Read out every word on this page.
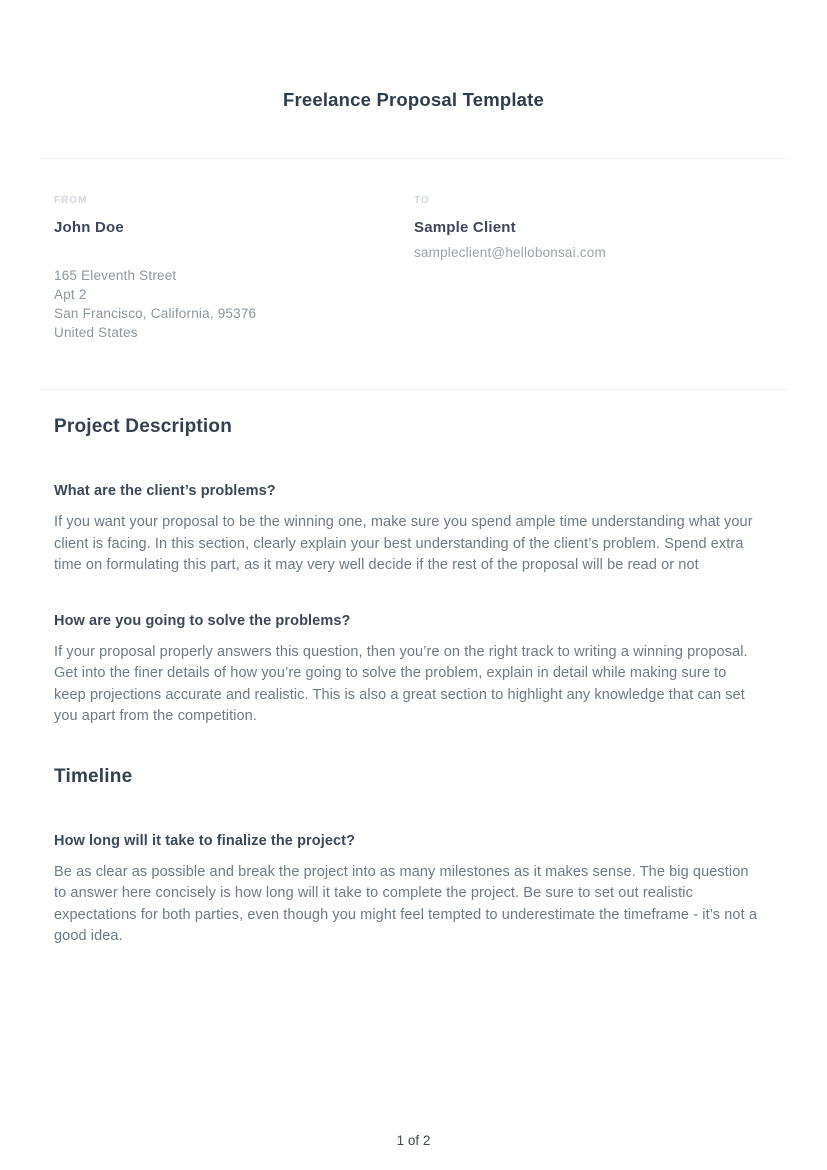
Freelance Proposal Template
FROM
John Doe
165 Eleventh Street
Apt 2
San Francisco, California, 95376
United States
TO
Sample Client
sampleclient@hellobonsai.com
Project Description
What are the client’s problems?
If you want your proposal to be the winning one, make sure you spend ample time understanding what your client is facing. In this section, clearly explain your best understanding of the client’s problem. Spend extra time on formulating this part, as it may very well decide if the rest of the proposal will be read or not
How are you going to solve the problems?
If your proposal properly answers this question, then you’re on the right track to writing a winning proposal. Get into the finer details of how you’re going to solve the problem, explain in detail while making sure to keep projections accurate and realistic. This is also a great section to highlight any knowledge that can set you apart from the competition.
Timeline
How long will it take to finalize the project?
Be as clear as possible and break the project into as many milestones as it makes sense. The big question to answer here concisely is how long will it take to complete the project. Be sure to set out realistic expectations for both parties, even though you might feel tempted to underestimate the timeframe - it’s not a good idea.
1 of 2
